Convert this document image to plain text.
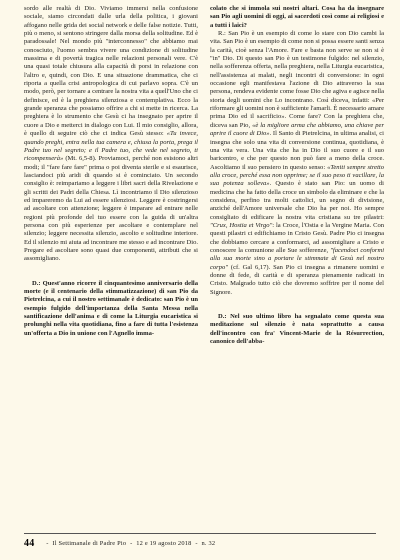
sordo alle realtà di Dio. Viviamo immersi nella confusione sociale, siamo circondati dalle urla della politica, i giovani affogano nelle grida dei social network e delle false notizie. Tutti, più o meno, si sentono stringere dalla morsa della solitudine. Ed è paradossale! Nel mondo più "interconnesso" che abbiamo mai conosciuto, l'uomo sembra vivere una condizione di solitudine massima e di povertà tragica nelle relazioni personali vere. C'è una quasi totale chiusura alla capacità di porsi in relazione con l'altro e, quindi, con Dio. E una situazione drammatica, che ci riporta a quella crisi antropologica di cui parlavo sopra. C'è un modo, però, per tornare a centrare la nostra vita a quell'Uno che ci definisce, ed è la preghiera silenziosa e contemplativa. Ecco la grande speranza che possiamo offrire a chi si mette in ricerca. La preghiera è lo strumento che Gesù ci ha insegnato per aprire il cuore a Dio e metterci in dialogo con Lui. Il mio consiglio, allora, è quello di seguire ciò che ci indica Gesù stesso: «Tu invece, quando preghi, entra nella tua camera e, chiusa la porta, prega il Padre tuo nel segreto; e il Padre tuo, che vede nel segreto, ti ricompenserà» (Mt. 6,5-8). Proviamoci, perché non esistono altri modi; il "fare fare fare" prima o poi diventa sterile e si esaurisce, lasciandoci più aridi di quando si è cominciato. Un secondo consiglio è: reimpariamo a leggere i libri sacri della Rivelazione e gli scritti dei Padri della Chiesa. Lì incontriamo il Dio silenzioso ed impareremo da Lui ad essere silenziosi. Leggere è costringersi ad ascoltare con attenzione; leggere è imparare ad entrare nelle regioni più profonde del tuo essere con la guida di un'altra persona con più esperienze per ascoltare e contemplare nel silenzio; leggere necessita silenzio, ascolto e solitudine interiore. Ed il silenzio mi aiuta ad incontrare me stesso e ad incontrare Dio. Pregare ed ascoltare sono quasi due componenti, attributi che si assomigliano.

D.: Quest'anno ricorre il cinquantesimo anniversario della morte (e il centenario della stimmatizzazione) di san Pio da Pietrelcina, a cui il nostro settimanale è dedicato: san Pio è un esempio fulgido dell'importanza della Santa Messa nella santificazione dell'anima e di come la Liturgia eucaristica si prolunghi nella vita quotidiana, fino a fare di tutta l'esistenza un'offerta a Dio in unione con l'Agnello imma-

colato che si immola sui nostri altari. Cosa ha da insegnare san Pio agli uomini di oggi, ai sacerdoti così come ai religiosi e a tutti i laici?

R.: San Pio è un esempio di come lo stare con Dio cambi la vita. San Pio è un esempio di come non si possa essere santi senza la carità, cioè senza l'Amore. Fare e basta non serve se non si è "in" Dio. Di questo san Pio è un testimone fulgido: nel silenzio, nella sofferenza offerta, nella preghiera, nella Liturgia eucaristica, nell'assistenza ai malati, negli incontri di conversione: in ogni occasione egli manifestava l'azione di Dio attraverso la sua persona, rendeva evidente come fosse Dio che agiva e agisce nella storia degli uomini che Lo incontrano. Così diceva, infatti: «Per riformare gli uomini non è sufficiente l'amarli. È necessario amare prima Dio ed il sacrificio». Come fare? Con la preghiera che, diceva san Pio, «è la migliore arma che abbiamo, una chiave per aprire il cuore di Dio». Il Santo di Pietrelcina, in ultima analisi, ci insegna che solo una vita di conversione continua, quotidiana, è una vita vera. Una vita che ha in Dio il suo cuore e il suo baricentro, e che per questo non può fare a meno della croce. Ascoltiamo il suo pensiero in questo senso: «Teniti sempre stretto alla croce, perché essa non opprime; se il suo peso ti vacillare, la sua potenza solleva». Questo è stato san Pio: un uomo di medicina che ha fatto della croce un simbolo da eliminare e che la considera, perfino tra molti cattolici, un segno di divisione, anziché dell'Amore universale che Dio ha per noi. Ho sempre consigliato di edificare la nostra vita cristiana su tre pilastri: "Crux, Hostia et Virgo": la Croce, l'Ostia e la Vergine Maria. Con questi pilastri ci edifichiamo in Cristo Gesù. Padre Pio ci insegna che dobbiamo cercare a conformarci, ad assomigliare a Cristo e conoscere la comunione alle Sue sofferenze, "facendoci conformi alla sua morte sino a portare le stimmate di Gesù nel nostro corpo" (cf. Gal 6,17). San Pio ci insegna a rimanere uomini e donne di fede, di carità e di speranza pienamente radicati in Cristo. Malgrado tutto ciò che dovremo soffrire per il nome del Signore.

D.: Nel suo ultimo libro ha segnalato come questa sua meditazione sul silenzio è nata soprattutto a causa dell'incontro con fra' Vincent-Marie de la Résurrection, canonico dell'abba-

44 - Il Settimanale di Padre Pio - 12 e 19 agosto 2018 - n. 32
